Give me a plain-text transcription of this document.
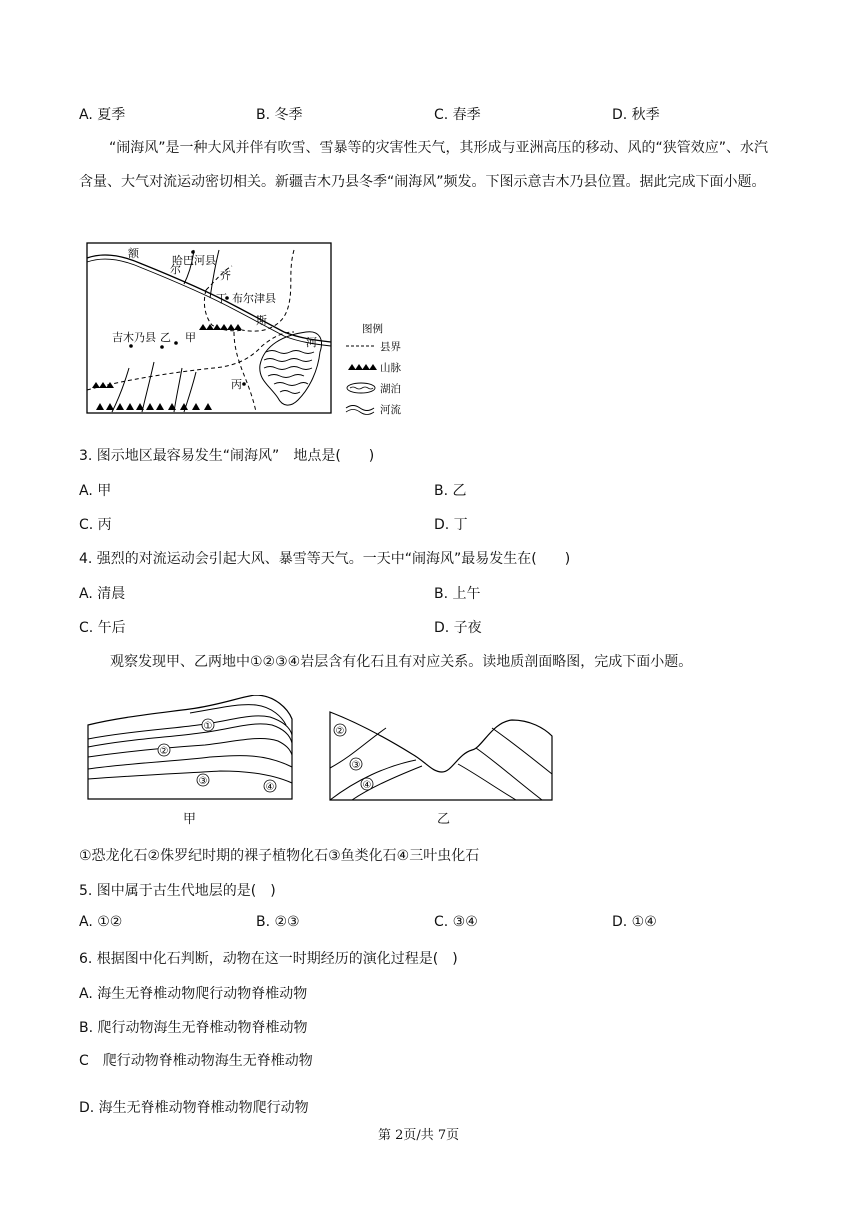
A. 夏季	B. 冬季	C. 春季	D. 秋季
“闹海风”是一种大风并伴有吹雪、雪暴等的灾害性天气，其形成与亚洲高压的移动、风的“狭管效应”、水汽含量、大气对流运动密切相关。新疆吉木乃县冬季“闹海风”频发。下图示意吉木乃县位置。据此完成下面小题。
额
尔	齐
斯
河
哈巴河县
丁 布尔津县
吉木乃县 乙 甲
丙
图例
县界
山脉
湖泊
河流
3. 图示地区最容易发生“闹海风”　地点是(　　)
A. 甲	B. 乙
C. 丙	D. 丁
4. 强烈的对流运动会引起大风、暴雪等天气。一天中“闹海风”最易发生在(　　)
A. 清晨	B. 上午
C. 午后	D. 子夜
观察发现甲、乙两地中①②③④岩层含有化石且有对应关系。读地质剖面略图，完成下面小题。
①
②
③
④
甲
②
③
④
乙
①恐龙化石②侏罗纪时期的裸子植物化石③鱼类化石④三叶虫化石
5. 图中属于古生代地层的是(　)
A. ①②	B. ②③	C. ③④	D. ①④
6. 根据图中化石判断，动物在这一时期经历的演化过程是(　)
A. 海生无脊椎动物爬行动物脊椎动物
B. 爬行动物海生无脊椎动物脊椎动物
C　爬行动物脊椎动物海生无脊椎动物
D. 海生无脊椎动物脊椎动物爬行动物
第 2页/共 7页
